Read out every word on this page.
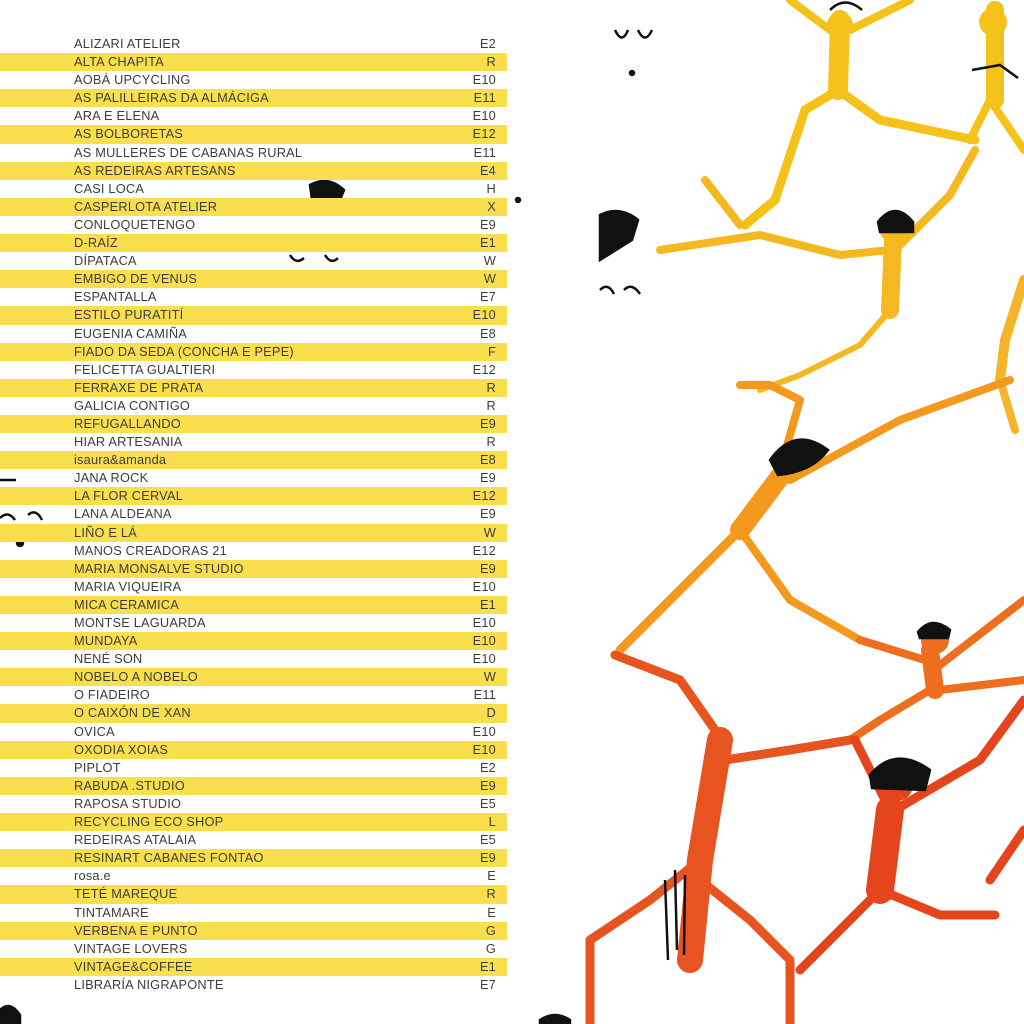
ALIZARI ATELIER	E2
ALTA CHAPITA	R
AOBÁ UPCYCLING	E10
AS PALILLEIRAS DA ALMÁCIGA	E11
ARA E ELENA	E10
AS BOLBORETAS	E12
AS MULLERES DE CABANAS RURAL	E11
AS REDEIRAS ARTESANS	E4
CASI LOCA	H
CASPERLOTA ATELIER	X
CONLOQUETENGO	E9
D-RAÍZ	E1
DÍPATACA	W
EMBIGO DE VENUS	W
ESPANTALLA	E7
ESTILO PURATITÍ	E10
EUGENIA CAMIÑA	E8
FIADO DA SEDA (CONCHA E PEPE)	F
FELICETTA GUALTIERI	E12
FERRAXE DE PRATA	R
GALICIA CONTIGO	R
REFUGALLANDO	E9
HIAR ARTESANIA	R
isaura&amanda	E8
JANA ROCK	E9
LA FLOR CERVAL	E12
LANA ALDEANA	E9
LIÑO E LÁ	W
MANOS CREADORAS 21	E12
MARIA MONSALVE STUDIO	E9
MARIA VIQUEIRA	E10
MICA CERAMICA	E1
MONTSE LAGUARDA	E10
MUNDAYA	E10
NENÉ SON	E10
NOBELO A NOBELO	W
O FIADEIRO	E11
O CAIXÓN DE XAN	D
OVICA	E10
OXODIA XOIAS	E10
PIPLOT	E2
RABUDA .STUDIO	E9
RAPOSA STUDIO	E5
RECYCLING ECO SHOP	L
REDEIRAS ATALAIA	E5
RESINART CABANES FONTAO	E9
rosa.e	E
TETÉ MAREQUE	R
TINTAMARE	E
VERBENA E PUNTO	G
VINTAGE LOVERS	G
VINTAGE&COFFEE	E1
LIBRARÍA NIGRAPONTE	E7
